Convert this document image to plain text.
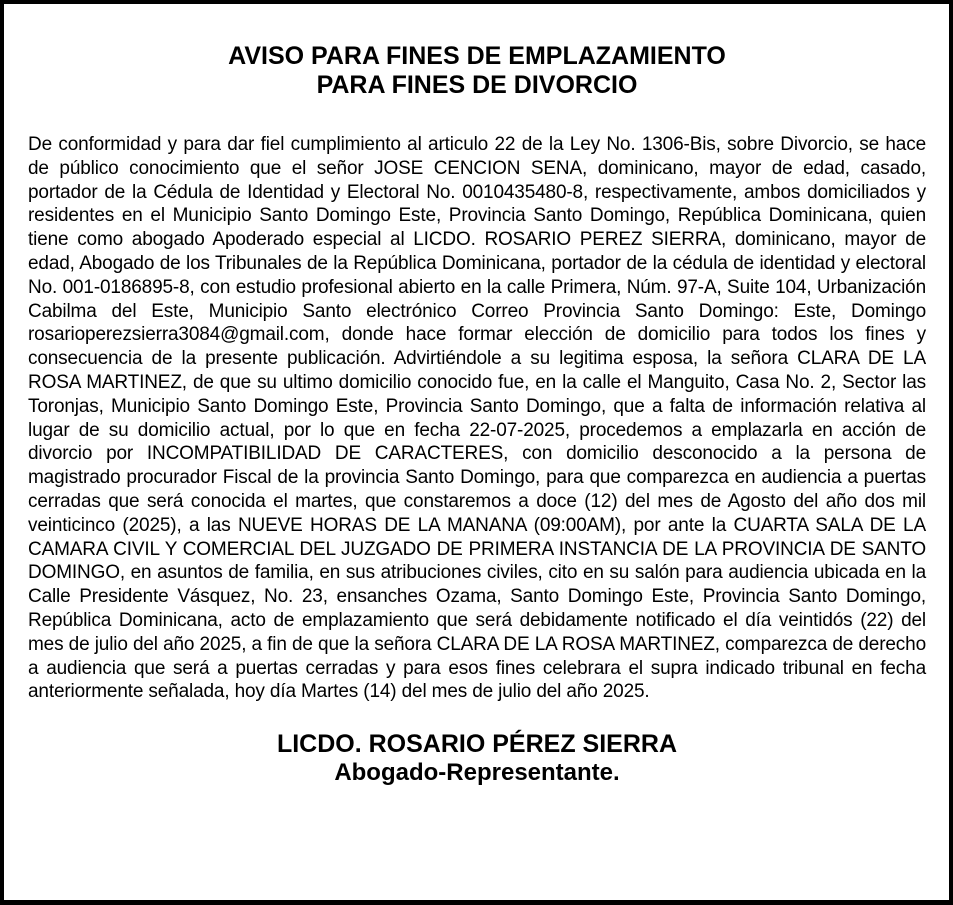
AVISO PARA FINES DE EMPLAZAMIENTO
PARA FINES DE DIVORCIO

De conformidad y para dar fiel cumplimiento al articulo 22 de la Ley No. 1306-Bis, sobre Divorcio, se hace de público conocimiento que el señor JOSE CENCION SENA, dominicano, mayor de edad, casado, portador de la Cédula de Identidad y Electoral No. 0010435480-8, respectivamente, ambos domiciliados y residentes en el Municipio Santo Domingo Este, Provincia Santo Domingo, República Dominicana, quien tiene como abogado Apoderado especial al LICDO. ROSARIO PEREZ SIERRA, dominicano, mayor de edad, Abogado de los Tribunales de la República Dominicana, portador de la cédula de identidad y electoral No. 001-0186895-8, con estudio profesional abierto en la calle Primera, Núm. 97-A, Suite 104, Urbanización Cabilma del Este, Municipio Santo electrónico Correo Provincia Santo Domingo: Este, Domingo rosarioperezsierra3084@gmail.com, donde hace formar elección de domicilio para todos los fines y consecuencia de la presente publicación. Advirtiéndole a su legitima esposa, la señora CLARA DE LA ROSA MARTINEZ, de que su ultimo domicilio conocido fue, en la calle el Manguito, Casa No. 2, Sector las Toronjas, Municipio Santo Domingo Este, Provincia Santo Domingo, que a falta de información relativa al lugar de su domicilio actual, por lo que en fecha 22-07-2025, procedemos a emplazarla en acción de divorcio por INCOMPATIBILIDAD DE CARACTERES, con domicilio desconocido a la persona de magistrado procurador Fiscal de la provincia Santo Domingo, para que comparezca en audiencia a puertas cerradas que será conocida el martes, que constaremos a doce (12) del mes de Agosto del año dos mil veinticinco (2025), a las NUEVE HORAS DE LA MANANA (09:00AM), por ante la CUARTA SALA DE LA CAMARA CIVIL Y COMERCIAL DEL JUZGADO DE PRIMERA INSTANCIA DE LA PROVINCIA DE SANTO DOMINGO, en asuntos de familia, en sus atribuciones civiles, cito en su salón para audiencia ubicada en la Calle Presidente Vásquez, No. 23, ensanches Ozama, Santo Domingo Este, Provincia Santo Domingo, República Dominicana, acto de emplazamiento que será debidamente notificado el día veintidós (22) del mes de julio del año 2025, a fin de que la señora CLARA DE LA ROSA MARTINEZ, comparezca de derecho a audiencia que será a puertas cerradas y para esos fines celebrara el supra indicado tribunal en fecha anteriormente señalada, hoy día Martes (14) del mes de julio del año 2025.

LICDO. ROSARIO PÉREZ SIERRA
Abogado-Representante.
